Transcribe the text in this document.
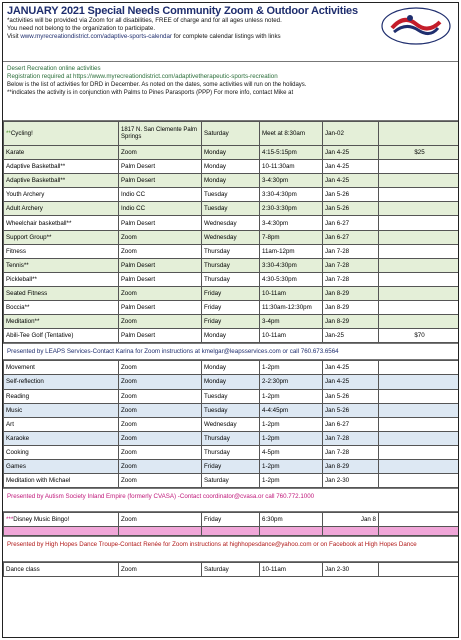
JANUARY 2021 Special Needs Community Zoom & Outdoor Activities
*activities will be provided via Zoom for all disabilities, FREE of charge and for all ages unless noted.
You need not belong to the organization to participate.
Visit www.myrecreationdistrict.com/adaptive-sports-calendar for complete calendar listings with links
Desert Recreation online activities
Registration required at https://www.myrecreationdistrict.com/adaptivetherapeutic-sports-recreation
Below is the list of activities for DRD in December. As noted on the dates, some activities will run on the holidays.
**indicates the activity is in conjunction with Palms to Pines Parasports (PPP) For more info, contact Mike at
**Cycling!	1817 N. San Clemente Palm Springs	Saturday	Meet at 8:30am	Jan-02	
Karate	Zoom	Monday	4:15-5:15pm	Jan 4-25	$25
Adaptive Basketball**	Palm Desert	Monday	10-11:30am	Jan 4-25	
Adaptive Basketball**	Palm Desert	Monday	3-4:30pm	Jan 4-25	
Youth Archery	Indio CC	Tuesday	3:30-4:30pm	Jan 5-26	
Adult Archery	Indio CC	Tuesday	2:30-3:30pm	Jan 5-26	
Wheelchair basketball**	Palm Desert	Wednesday	3-4:30pm	Jan 6-27	
Support Group**	Zoom	Wednesday	7-8pm	Jan 6-27	
Fitness	Zoom	Thursday	11am-12pm	Jan 7-28	
Tennis**	Palm Desert	Thursday	3:30-4:30pm	Jan 7-28	
Pickleball**	Palm Desert	Thursday	4:30-5:30pm	Jan 7-28	
Seated Fitness	Zoom	Friday	10-11am	Jan 8-29	
Boccia**	Palm Desert	Friday	11:30am-12:30pm	Jan 8-29	
Meditation**	Zoom	Friday	3-4pm	Jan 8-29	
Abili-Tee Golf (Tentative)	Palm Desert	Monday	10-11am	Jan-25	$70
Presented by LEAPS Services-Contact Karina for Zoom instructions at kmelgar@leapsservices.com or call 760.673.6564
Movement	Zoom	Monday	1-2pm	Jan 4-25	
Self-reflection	Zoom	Monday	2-2:30pm	Jan 4-25	
Reading	Zoom	Tuesday	1-2pm	Jan 5-26	
Music	Zoom	Tuesday	4-4:45pm	Jan 5-26	
Art	Zoom	Wednesday	1-2pm	Jan 6-27	
Karaoke	Zoom	Thursday	1-2pm	Jan 7-28	
Cooking	Zoom	Thursday	4-5pm	Jan 7-28	
Games	Zoom	Friday	1-2pm	Jan 8-29	
Meditation with Michael	Zoom	Saturday	1-2pm	Jan 2-30	
Presented by Autism Society Inland Empire (formerly CVASA) -Contact coordinator@cvasa.or call 760.772.1000
***Disney Music Bingo!	Zoom	Friday	6:30pm	Jan 8	

Presented by High Hopes Dance Troupe-Contact Renée for Zoom instructions at highhopesdance@yahoo.com or on Facebook at High Hopes Dance
Dance class	Zoom	Saturday	10-11am	Jan 2-30	
